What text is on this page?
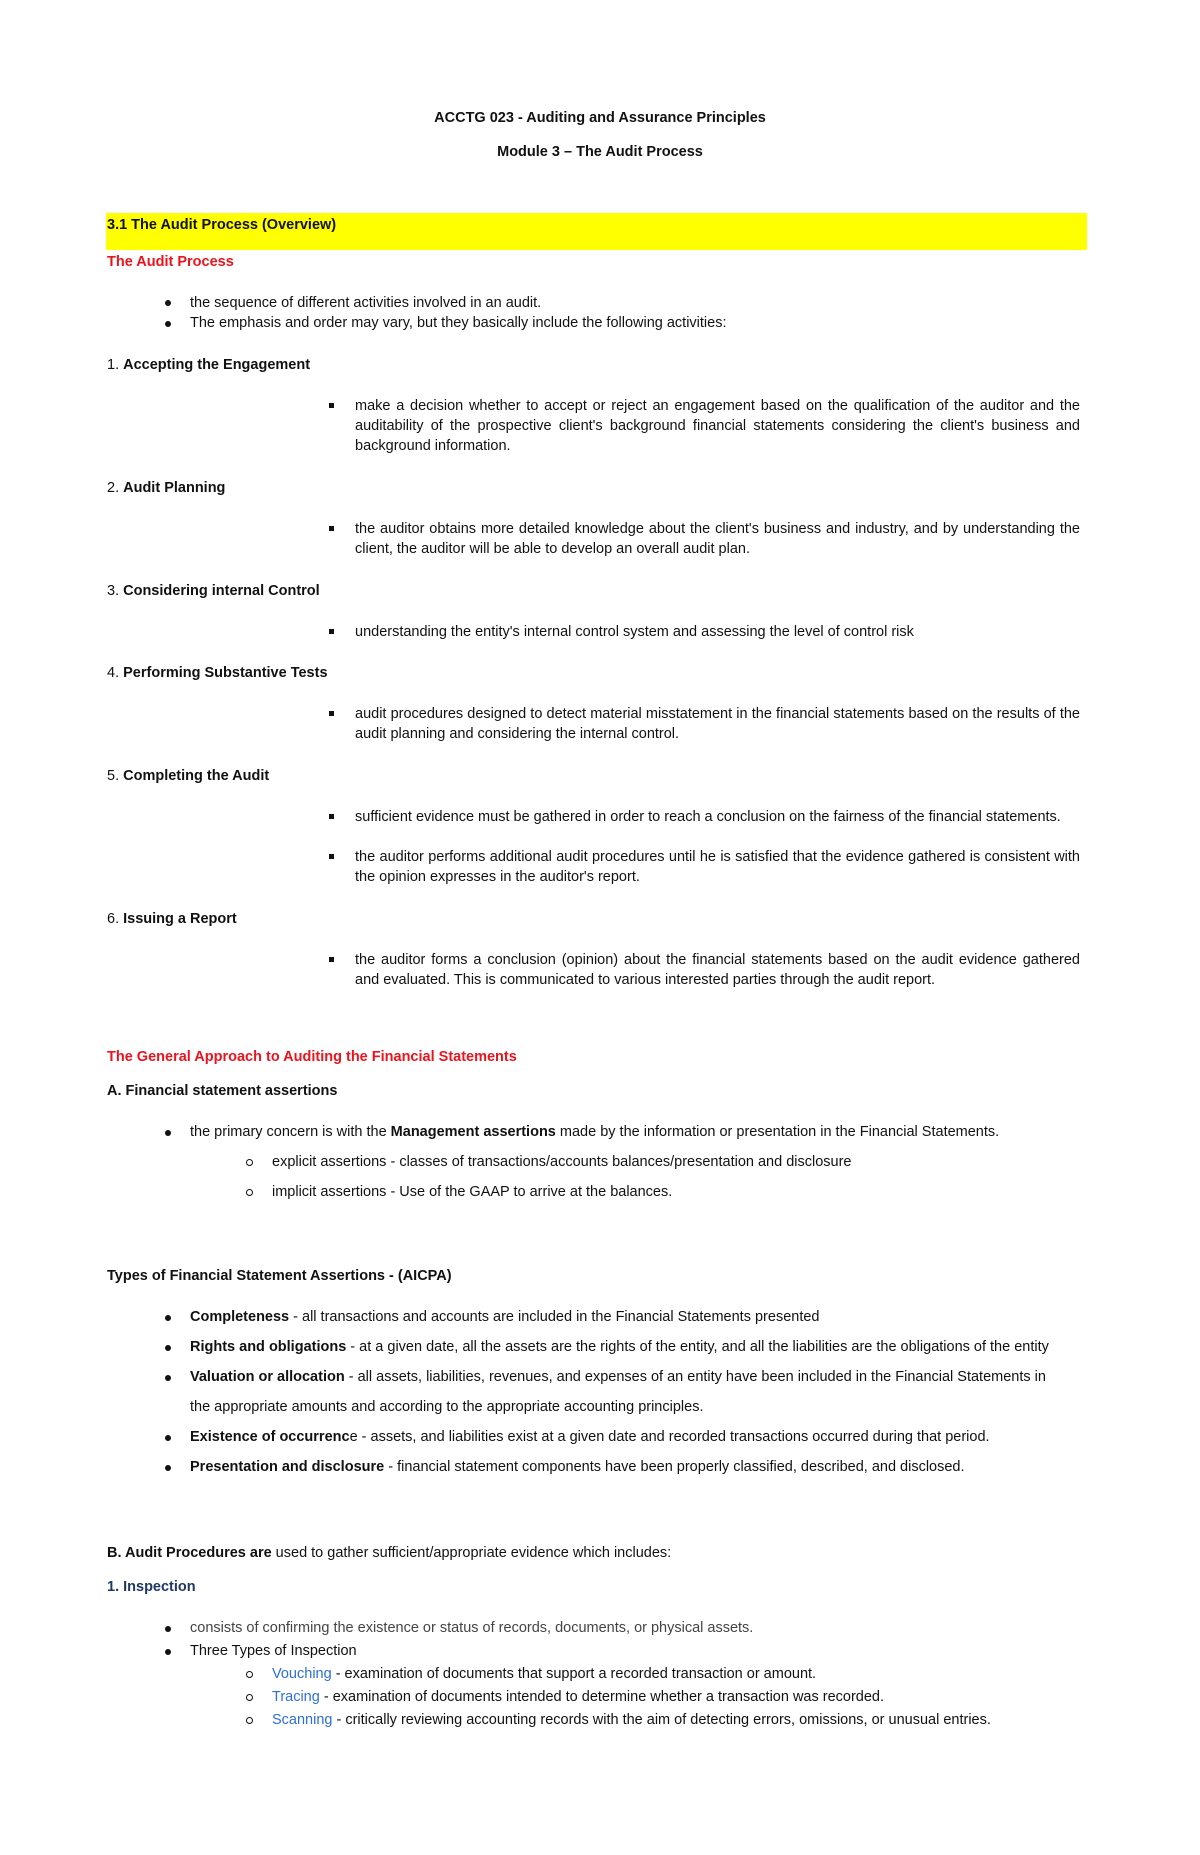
ACCTG 023 - Auditing and Assurance Principles
Module 3 – The Audit Process
3.1 The Audit Process (Overview)
The Audit Process
the sequence of different activities involved in an audit.
The emphasis and order may vary, but they basically include the following activities:
1. Accepting the Engagement
make a decision whether to accept or reject an engagement based on the qualification of the auditor and the auditability of the prospective client's background financial statements considering the client's business and background information.
2. Audit Planning
the auditor obtains more detailed knowledge about the client's business and industry, and by understanding the client, the auditor will be able to develop an overall audit plan.
3. Considering internal Control
understanding the entity's internal control system and assessing the level of control risk
4. Performing Substantive Tests
audit procedures designed to detect material misstatement in the financial statements based on the results of the audit planning and considering the internal control.
5. Completing the Audit
sufficient evidence must be gathered in order to reach a conclusion on the fairness of the financial statements.
the auditor performs additional audit procedures until he is satisfied that the evidence gathered is consistent with the opinion expresses in the auditor's report.
6. Issuing a Report
the auditor forms a conclusion (opinion) about the financial statements based on the audit evidence gathered and evaluated. This is communicated to various interested parties through the audit report.
The General Approach to Auditing the Financial Statements
A. Financial statement assertions
the primary concern is with the Management assertions made by the information or presentation in the Financial Statements.
explicit assertions - classes of transactions/accounts balances/presentation and disclosure
implicit assertions - Use of the GAAP to arrive at the balances.
Types of Financial Statement Assertions - (AICPA)
Completeness - all transactions and accounts are included in the Financial Statements presented
Rights and obligations - at a given date, all the assets are the rights of the entity, and all the liabilities are the obligations of the entity
Valuation or allocation - all assets, liabilities, revenues, and expenses of an entity have been included in the Financial Statements in
the appropriate amounts and according to the appropriate accounting principles.
Existence of occurrence - assets, and liabilities exist at a given date and recorded transactions occurred during that period.
Presentation and disclosure - financial statement components have been properly classified, described, and disclosed.
B. Audit Procedures are used to gather sufficient/appropriate evidence which includes:
1. Inspection
consists of confirming the existence or status of records, documents, or physical assets.
Three Types of Inspection
Vouching - examination of documents that support a recorded transaction or amount.
Tracing - examination of documents intended to determine whether a transaction was recorded.
Scanning - critically reviewing accounting records with the aim of detecting errors, omissions, or unusual entries.
